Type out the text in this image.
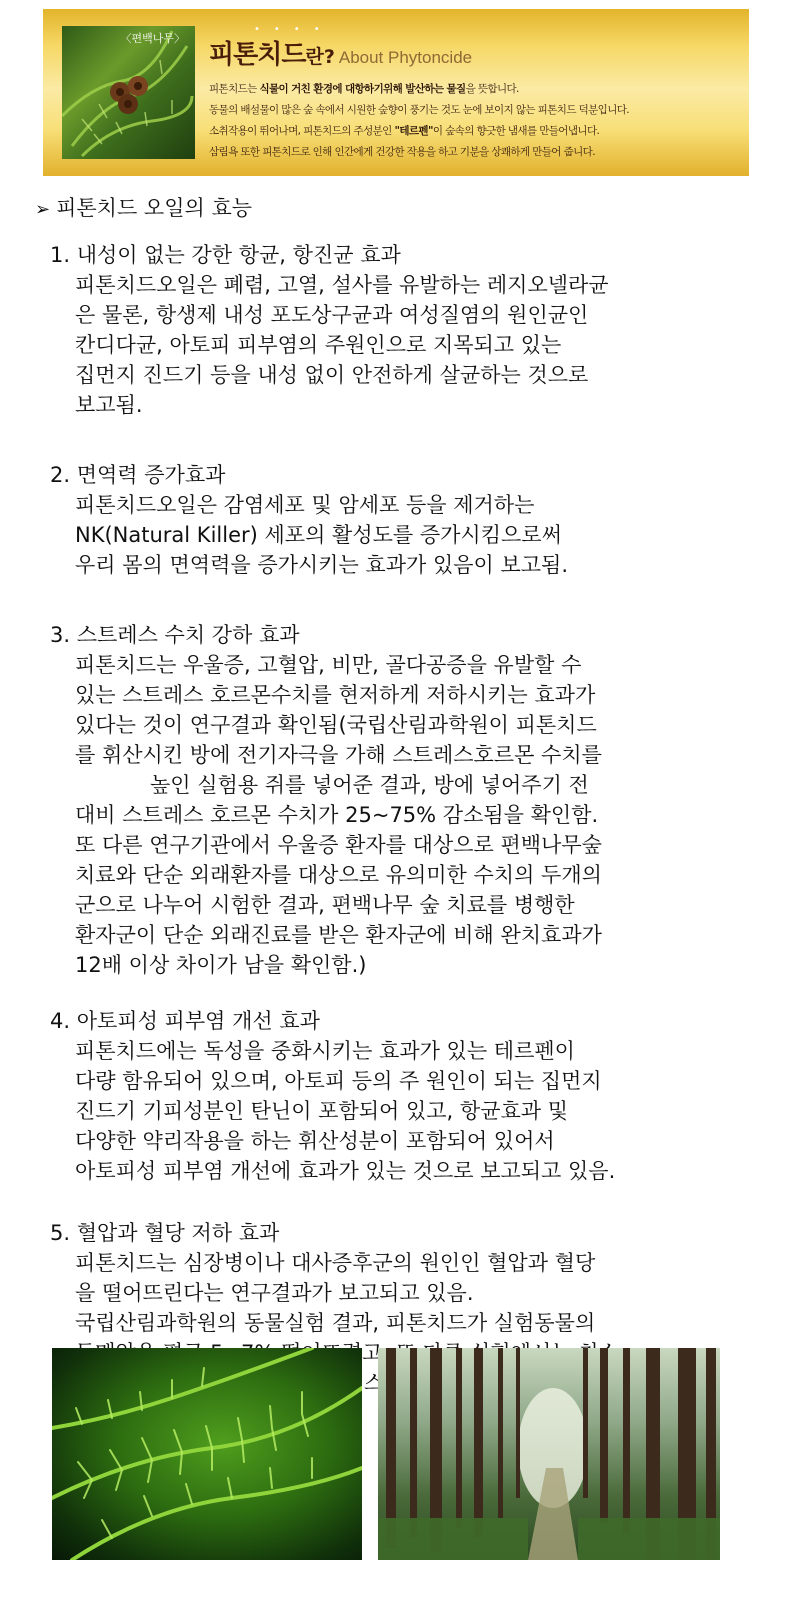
〈편백나무〉
••••
피톤치드란? About Phytoncide
피톤치드는 식물이 거친 환경에 대항하기위해 발산하는 물질을 뜻합니다.
동물의 배설물이 많은 숲 속에서 시원한 숲향이 풍기는 것도 눈에 보이지 않는 피톤치드 덕분입니다.
소취작용이 뛰어나며, 피톤치드의 주성분인 "테르펜"이 숲속의 향긋한 냄새를 만들어냅니다.
삼림욕 또한 피톤치드로 인해 인간에게 건강한 작용을 하고 기분을 상쾌하게 만들어 줍니다.
➢ 피톤치드 오일의 효능
1. 내성이 없는 강한 항균, 항진균 효과
피톤치드오일은 폐렴, 고열, 설사를 유발하는 레지오넬라균
은 물론, 항생제 내성 포도상구균과 여성질염의 원인균인
칸디다균, 아토피 피부염의 주원인으로 지목되고 있는
집먼지 진드기 등을 내성 없이 안전하게 살균하는 것으로
보고됨.
2. 면역력 증가효과
피톤치드오일은 감염세포 및 암세포 등을 제거하는
NK(Natural Killer) 세포의 활성도를 증가시킴으로써
우리 몸의 면역력을 증가시키는 효과가 있음이 보고됨.
3. 스트레스 수치 강하 효과
피톤치드는 우울증, 고혈압, 비만, 골다공증을 유발할 수
있는 스트레스 호르몬수치를 현저하게 저하시키는 효과가
있다는 것이 연구결과 확인됨(국립산림과학원이 피톤치드
를 휘산시킨 방에 전기자극을 가해 스트레스호르몬 수치를
높인 실험용 쥐를 넣어준 결과, 방에 넣어주기 전
대비 스트레스 호르몬 수치가 25~75% 감소됨을 확인함.
또 다른 연구기관에서 우울증 환자를 대상으로 편백나무숲
치료와 단순 외래환자를 대상으로 유의미한 수치의 두개의
군으로 나누어 시험한 결과, 편백나무 숲 치료를 병행한
환자군이 단순 외래진료를 받은 환자군에 비해 완치효과가
12배 이상 차이가 남을 확인함.)
4. 아토피성 피부염 개선 효과
피톤치드에는 독성을 중화시키는 효과가 있는 테르펜이
다량 함유되어 있으며, 아토피 등의 주 원인이 되는 집먼지
진드기 기피성분인 탄닌이 포함되어 있고, 항균효과 및
다양한 약리작용을 하는 휘산성분이 포함되어 있어서
아토피성 피부염 개선에 효과가 있는 것으로 보고되고 있음.
5. 혈압과 혈당 저하 효과
피톤치드는 심장병이나 대사증후군의 원인인 혈압과 혈당
을 떨어뜨린다는 연구결과가 보고되고 있음.
국립산림과학원의 동물실험 결과, 피톤치드가 실험동물의
콜레스테롤
